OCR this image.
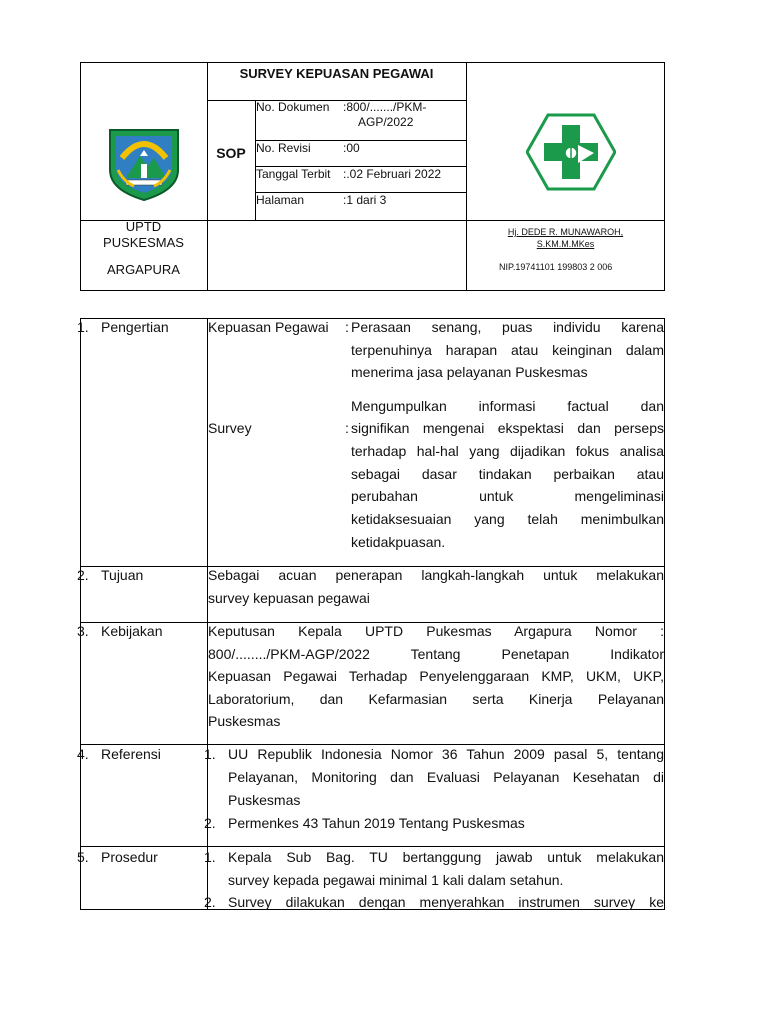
SURVEY KEPUASAN PEGAWAI
SOP
No. Dokumen :800/......./PKM-
AGP/2022
No. Revisi	:00
Tanggal Terbit :.02 Februari 2022
Halaman	:1 dari 3
UPTD
PUSKESMAS
ARGAPURA
Hj. DEDE R. MUNAWAROH,
S.KM.M.MKes
NIP.19741101 199803 2 006
1. Pengertian	Kepuasan Pegawai : Perasaan senang, puas individu karena
terpenuhinya harapan atau keinginan dalam
menerima jasa pelayanan Puskesmas
Survey	:
Mengumpulkan informasi factual dan
signifikan mengenai ekspektasi dan perseps
terhadap hal-hal yang dijadikan fokus analisa
sebagai dasar tindakan perbaikan atau
perubahan untuk mengeliminasi
ketidaksesuaian yang telah menimbulkan
ketidakpuasan.
2. Tujuan	Sebagai acuan penerapan langkah-langkah untuk melakukan
survey kepuasan pegawai
3. Kebijakan	Keputusan Kepala UPTD Pukesmas Argapura Nomor :
800/......../PKM-AGP/2022 Tentang Penetapan Indikator
Kepuasan Pegawai Terhadap Penyelenggaraan KMP, UKM, UKP,
Laboratorium, dan Kefarmasian serta Kinerja Pelayanan
Puskesmas
4. Referensi	1. UU Republik Indonesia Nomor 36 Tahun 2009 pasal 5, tentang
Pelayanan, Monitoring dan Evaluasi Pelayanan Kesehatan di
Puskesmas
2. Permenkes 43 Tahun 2019 Tentang Puskesmas
5. Prosedur	1. Kepala Sub Bag. TU bertanggung jawab untuk melakukan
survey kepada pegawai minimal 1 kali dalam setahun.
2. Survey dilakukan dengan menyerahkan instrumen survey ke
